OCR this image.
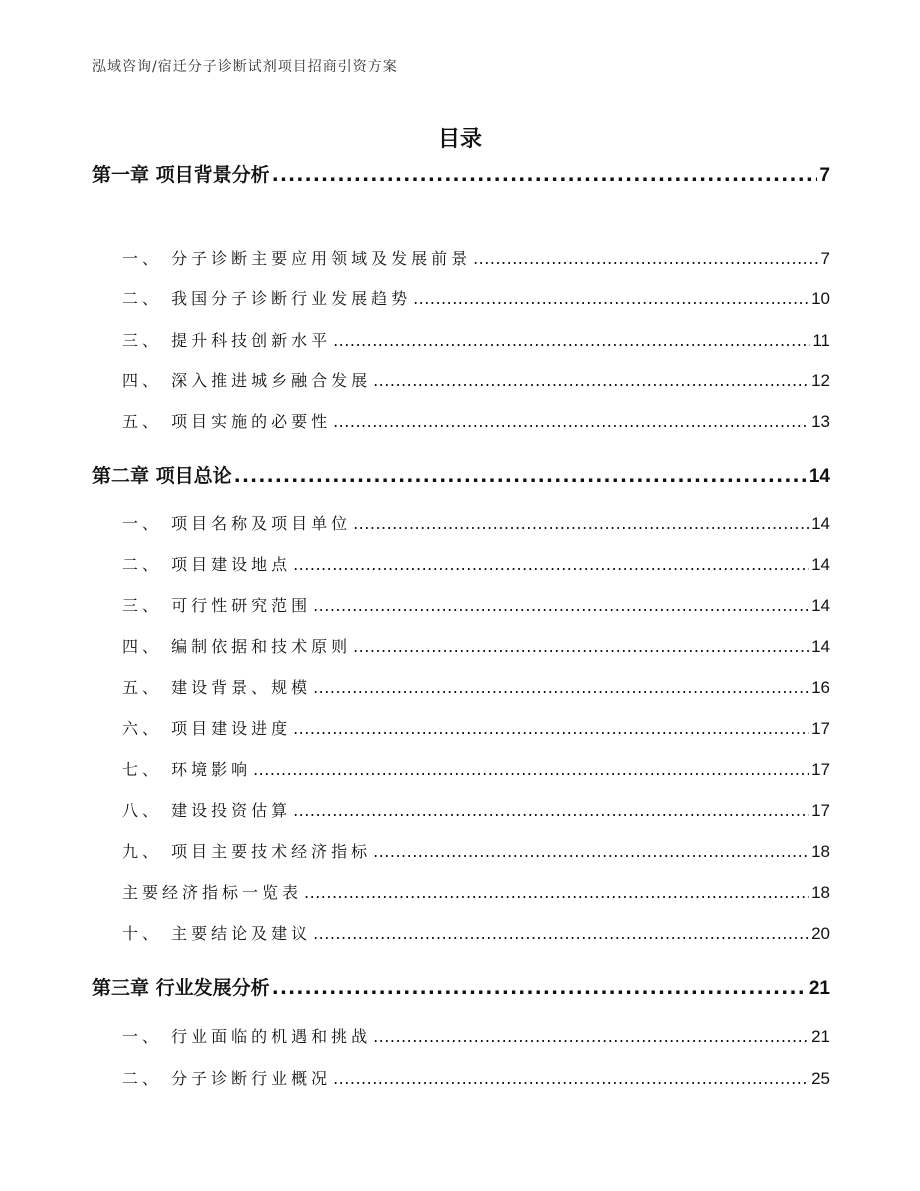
泓域咨询/宿迁分子诊断试剂项目招商引资方案
目录
第一章 项目背景分析 .....	7
一、 分子诊断主要应用领域及发展前景 .....	7
二、 我国分子诊断行业发展趋势 .....	10
三、 提升科技创新水平 .....	11
四、 深入推进城乡融合发展 .....	12
五、 项目实施的必要性 .....	13
第二章 项目总论 .....	14
一、 项目名称及项目单位 .....	14
二、 项目建设地点 .....	14
三、 可行性研究范围 .....	14
四、 编制依据和技术原则 .....	14
五、 建设背景、规模 .....	16
六、 项目建设进度 .....	17
七、 环境影响 .....	17
八、 建设投资估算 .....	17
九、 项目主要技术经济指标 .....	18
主要经济指标一览表 .....	18
十、 主要结论及建议 .....	20
第三章 行业发展分析 .....	21
一、 行业面临的机遇和挑战 .....	21
二、 分子诊断行业概况 .....	25
